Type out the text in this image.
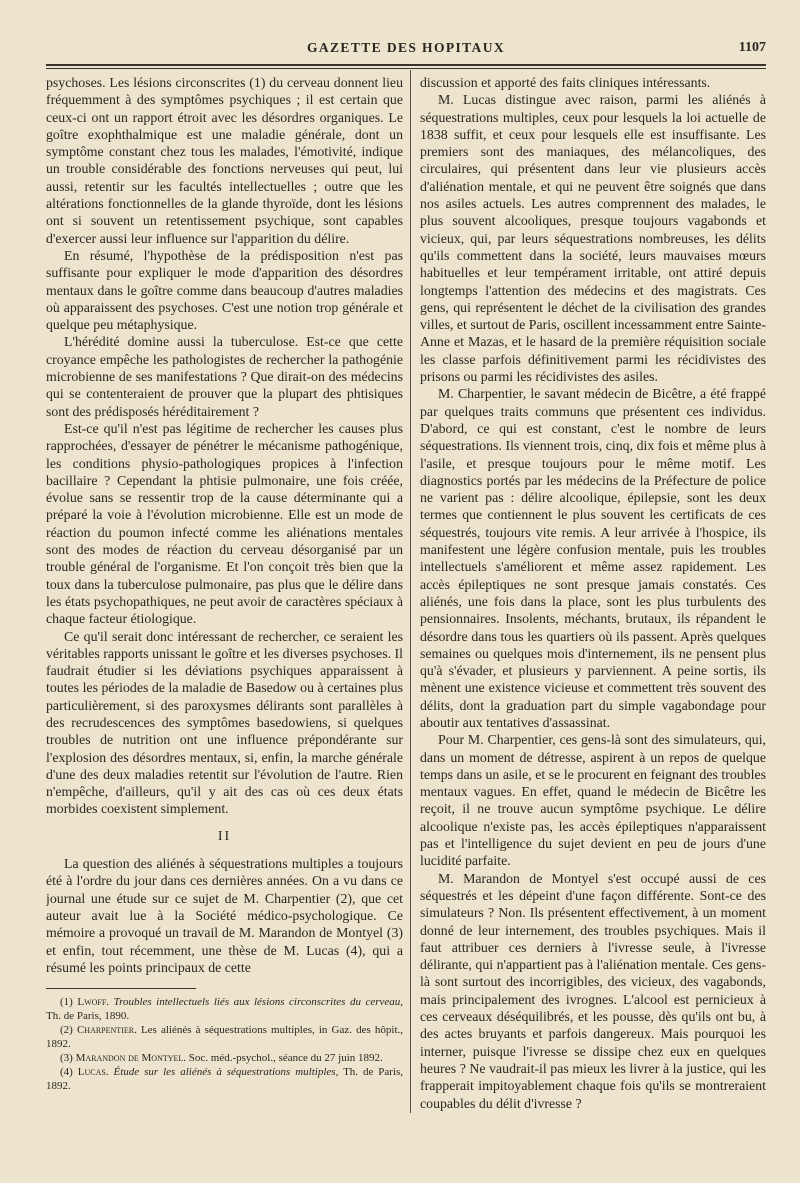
GAZETTE DES HOPITAUX	1107

psychoses. Les lésions circonscrites (1) du cerveau donnent lieu fréquemment à des symptômes psychiques ; il est certain que ceux-ci ont un rapport étroit avec les désordres organiques. Le goître exophthalmique est une maladie générale, dont un symptôme constant chez tous les malades, l'émotivité, indique un trouble considérable des fonctions nerveuses qui peut, lui aussi, retentir sur les facultés intellectuelles ; outre que les altérations fonctionnelles de la glande thyroïde, dont les lésions ont si souvent un retentissement psychique, sont capables d'exercer aussi leur influence sur l'apparition du délire.

En résumé, l'hypothèse de la prédisposition n'est pas suffisante pour expliquer le mode d'apparition des désordres mentaux dans le goître comme dans beaucoup d'autres maladies où apparaissent des psychoses. C'est une notion trop générale et quelque peu métaphysique.

L'hérédité domine aussi la tuberculose. Est-ce que cette croyance empêche les pathologistes de rechercher la pathogénie microbienne de ses manifestations ? Que dirait-on des médecins qui se contenteraient de prouver que la plupart des phtisiques sont des prédisposés héréditairement ?

Est-ce qu'il n'est pas légitime de rechercher les causes plus rapprochées, d'essayer de pénétrer le mécanisme pathogénique, les conditions physio-pathologiques propices à l'infection bacillaire ? Cependant la phtisie pulmonaire, une fois créée, évolue sans se ressentir trop de la cause déterminante qui a préparé la voie à l'évolution microbienne. Elle est un mode de réaction du poumon infecté comme les aliénations mentales sont des modes de réaction du cerveau désorganisé par un trouble général de l'organisme. Et l'on conçoit très bien que la toux dans la tuberculose pulmonaire, pas plus que le délire dans les états psychopathiques, ne peut avoir de caractères spéciaux à chaque facteur étiologique.

Ce qu'il serait donc intéressant de rechercher, ce seraient les véritables rapports unissant le goître et les diverses psychoses. Il faudrait étudier si les déviations psychiques apparaissent à toutes les périodes de la maladie de Basedow ou à certaines plus particulièrement, si des paroxysmes délirants sont parallèles à des recrudescences des symptômes basedowiens, si quelques troubles de nutrition ont une influence prépondérante sur l'explosion des désordres mentaux, si, enfin, la marche générale d'une des deux maladies retentit sur l'évolution de l'autre. Rien n'empêche, d'ailleurs, qu'il y ait des cas où ces deux états morbides coexistent simplement.

II

La question des aliénés à séquestrations multiples a toujours été à l'ordre du jour dans ces dernières années. On a vu dans ce journal une étude sur ce sujet de M. Charpentier (2), que cet auteur avait lue à la Société médico-psychologique. Ce mémoire a provoqué un travail de M. Marandon de Montyel (3) et enfin, tout récemment, une thèse de M. Lucas (4), qui a résumé les points principaux de cette

(1) Lwoff. Troubles intellectuels liés aux lésions circonscrites du cerveau, Th. de Paris, 1890.

(2) Charpentier. Les aliénés à séquestrations multiples, in Gaz. des hôpit., 1892.

(3) Marandon de Montyel. Soc. méd.-psychol., séance du 27 juin 1892.

(4) Lucas. Étude sur les aliénés à séquestrations multiples, Th. de Paris, 1892.

discussion et apporté des faits cliniques intéressants.

M. Lucas distingue avec raison, parmi les aliénés à séquestrations multiples, ceux pour lesquels la loi actuelle de 1838 suffit, et ceux pour lesquels elle est insuffisante. Les premiers sont des maniaques, des mélancoliques, des circulaires, qui présentent dans leur vie plusieurs accès d'aliénation mentale, et qui ne peuvent être soignés que dans nos asiles actuels. Les autres comprennent des malades, le plus souvent alcooliques, presque toujours vagabonds et vicieux, qui, par leurs séquestrations nombreuses, les délits qu'ils commettent dans la société, leurs mauvaises mœurs habituelles et leur tempérament irritable, ont attiré depuis longtemps l'attention des médecins et des magistrats. Ces gens, qui représentent le déchet de la civilisation des grandes villes, et surtout de Paris, oscillent incessamment entre Sainte-Anne et Mazas, et le hasard de la première réquisition sociale les classe parfois définitivement parmi les récidivistes des prisons ou parmi les récidivistes des asiles.

M. Charpentier, le savant médecin de Bicêtre, a été frappé par quelques traits communs que présentent ces individus. D'abord, ce qui est constant, c'est le nombre de leurs séquestrations. Ils viennent trois, cinq, dix fois et même plus à l'asile, et presque toujours pour le même motif. Les diagnostics portés par les médecins de la Préfecture de police ne varient pas : délire alcoolique, épilepsie, sont les deux termes que contiennent le plus souvent les certificats de ces séquestrés, toujours vite remis. A leur arrivée à l'hospice, ils manifestent une légère confusion mentale, puis les troubles intellectuels s'améliorent et même assez rapidement. Les accès épileptiques ne sont presque jamais constatés. Ces aliénés, une fois dans la place, sont les plus turbulents des pensionnaires. Insolents, méchants, brutaux, ils répandent le désordre dans tous les quartiers où ils passent. Après quelques semaines ou quelques mois d'internement, ils ne pensent plus qu'à s'évader, et plusieurs y parviennent. A peine sortis, ils mènent une existence vicieuse et commettent très souvent des délits, dont la graduation part du simple vagabondage pour aboutir aux tentatives d'assassinat.

Pour M. Charpentier, ces gens-là sont des simulateurs, qui, dans un moment de détresse, aspirent à un repos de quelque temps dans un asile, et se le procurent en feignant des troubles mentaux vagues. En effet, quand le médecin de Bicêtre les reçoit, il ne trouve aucun symptôme psychique. Le délire alcoolique n'existe pas, les accès épileptiques n'apparaissent pas et l'intelligence du sujet devient en peu de jours d'une lucidité parfaite.

M. Marandon de Montyel s'est occupé aussi de ces séquestrés et les dépeint d'une façon différente. Sont-ce des simulateurs ? Non. Ils présentent effectivement, à un moment donné de leur internement, des troubles psychiques. Mais il faut attribuer ces derniers à l'ivresse seule, à l'ivresse délirante, qui n'appartient pas à l'aliénation mentale. Ces gens-là sont surtout des incorrigibles, des vicieux, des vagabonds, mais principalement des ivrognes. L'alcool est pernicieux à ces cerveaux déséquilibrés, et les pousse, dès qu'ils ont bu, à des actes bruyants et parfois dangereux. Mais pourquoi les interner, puisque l'ivresse se dissipe chez eux en quelques heures ? Ne vaudrait-il pas mieux les livrer à la justice, qui les frapperait impitoyablement chaque fois qu'ils se montreraient coupables du délit d'ivresse ?
